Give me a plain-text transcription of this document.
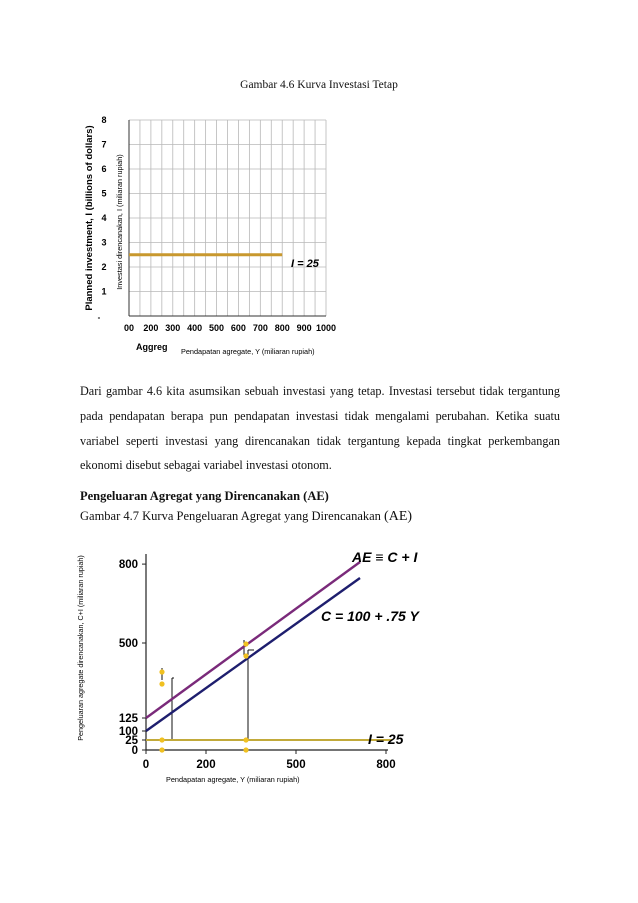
Gambar 4.6 Kurva Investasi Tetap
I = 25
00 200 300 400 500 600 700 800 900 1000
1
2
3
4
5
6
7
8
-
Planned investment, I (billions of dollars)	Investasi direncanakan, I (miliaran rupiah)
Aggreg Pendapatan agregate, Y (miliaran rupiah)

Dari gambar 4.6 kita asumsikan sebuah investasi yang tetap. Investasi tersebut tidak tergantung pada pendapatan berapa pun pendapatan investasi tidak mengalami perubahan. Ketika suatu variabel seperti investasi yang direncanakan tidak tergantung kepada tingkat perkembangan ekonomi disebut sebagai variabel investasi otonom.

Pengeluaran Agregat yang Direncanakan (AE)
Gambar 4.7 Kurva Pengeluaran Agregat yang Direncanakan (AE)
800
500
125
100
25
0
0	200	500	800
AE ≡ C + I
C = 100 + .75 Y
I = 25
Pengeluaran agregate direncanakan, C+I (miliaran rupiah)
Pendapatan agregate, Y (miliaran rupiah)
